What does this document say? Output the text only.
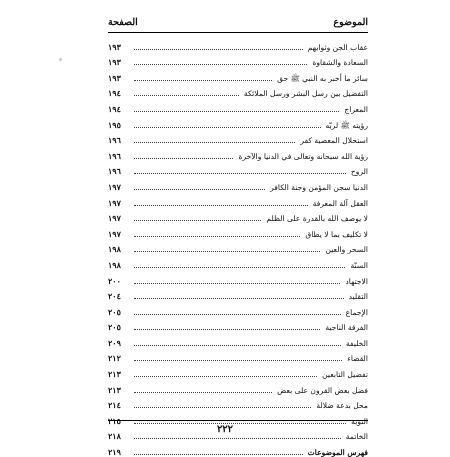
الموضوع
الصفحة
عقاب الجن وثوابهم
١٩٣
السعادة والشقاوة
١٩٣
سائر ما أخبر به النبي ﷺ حق
١٩٣
التفضيل بين رسل البشر ورسل الملائكة
١٩٤
المعراج
١٩٤
رؤيته ﷺ لربّه
١٩٥
استحلال المعصية كفر
١٩٦
رؤية الله سبحانه وتعالى في الدنيا والآخرة
١٩٦
الروح
١٩٦
الدنيا سجن المؤمن وجنة الكافر
١٩٧
العقل آلة المعرفة
١٩٧
لا يوصف الله بالقدرة على الظلم
١٩٧
لا تكليف بما لا يطاق
١٩٧
السحر والعين
١٩٨
السنّة
١٩٨
الاجتهاد
٢٠٠
التقليد
٢٠٤
الإجماع
٢٠٥
الفرقة الناجية
٢٠٥
الخليفة
٢٠٩
القضاء
٢١٢
تفضيل التابعين
٢١٣
فضل بعض القرون على بعض
٢١٣
محل بدعة ضلالة
٢١٤
التوبة
٢١٥
الخاتمة
٢١٨
فهرس الموضوعات
٢١٩
٢٢٢
